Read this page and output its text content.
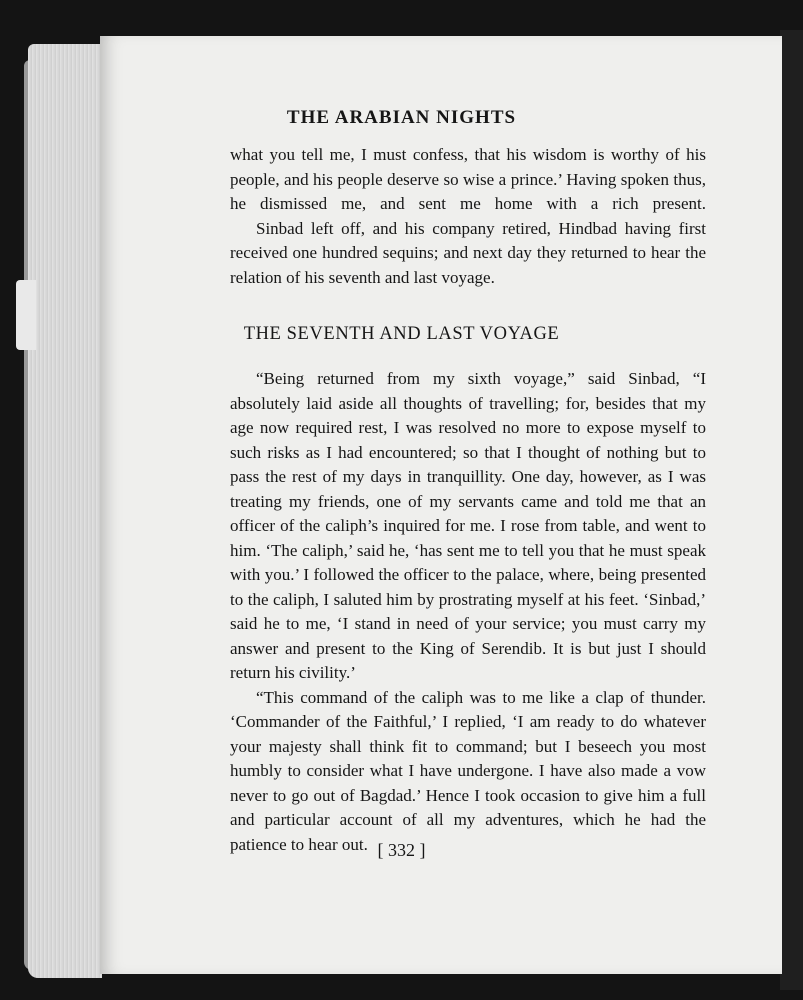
THE ARABIAN NIGHTS

what you tell me, I must confess, that his wisdom is worthy of his people, and his people deserve so wise a prince.’ Having spoken thus, he dismissed me, and sent me home with a rich present.

Sinbad left off, and his company retired, Hindbad having first received one hundred sequins; and next day they returned to hear the relation of his seventh and last voyage.

THE SEVENTH AND LAST VOYAGE

“Being returned from my sixth voyage,” said Sinbad, “I absolutely laid aside all thoughts of travelling; for, besides that my age now required rest, I was resolved no more to expose myself to such risks as I had encountered; so that I thought of nothing but to pass the rest of my days in tranquillity. One day, however, as I was treating my friends, one of my servants came and told me that an officer of the caliph’s inquired for me. I rose from table, and went to him. ‘The caliph,’ said he, ‘has sent me to tell you that he must speak with you.’ I followed the officer to the palace, where, being presented to the caliph, I saluted him by prostrating myself at his feet. ‘Sinbad,’ said he to me, ‘I stand in need of your service; you must carry my answer and present to the King of Serendib. It is but just I should return his civility.’

“This command of the caliph was to me like a clap of thunder. ‘Commander of the Faithful,’ I replied, ‘I am ready to do whatever your majesty shall think fit to command; but I beseech you most humbly to consider what I have undergone. I have also made a vow never to go out of Bagdad.’ Hence I took occasion to give him a full and particular account of all my adventures, which he had the patience to hear out. [ 332 ]
